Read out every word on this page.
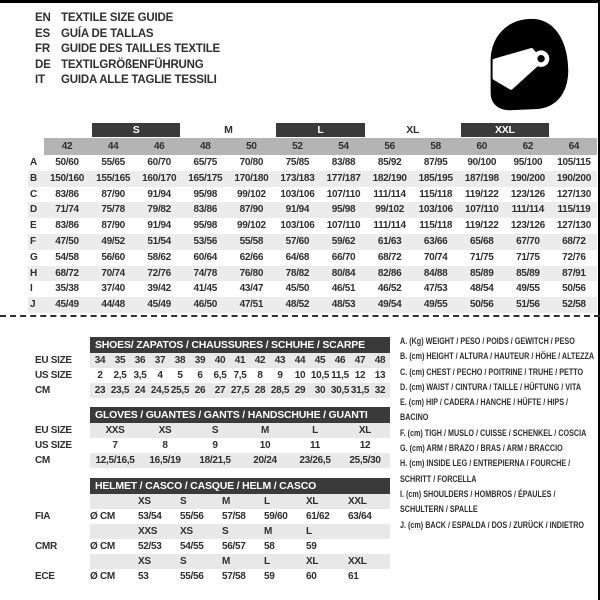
EN TEXTILE SIZE GUIDE
ES GUÍA DE TALLAS
FR GUIDE DES TAILLES TEXTILE
DE TEXTILGRÖßENFÜHRUNG
IT GUIDA ALLE TAGLIE TESSILI
S	M	L	XL	XXL
42	44	46	48	50	52	54	56	58	60	62	64
A	50/60	55/65	60/70	65/75	70/80	75/85	83/88	85/92	87/95	90/100	95/100	105/115
B	150/160	155/165	160/170	165/175	170/180	173/183	177/187	182/190	185/195	187/198	190/200	190/200
C	83/86	87/90	91/94	95/98	99/102	103/106	107/110	111/114	115/118	119/122	123/126	127/130
D	71/74	75/78	79/82	83/86	87/90	91/94	95/98	99/102	103/106	107/110	111/114	115/119
E	83/86	87/90	91/94	95/98	99/102	103/106	107/110	111/114	115/118	119/122	123/126	127/130
F	47/50	49/52	51/54	53/56	55/58	57/60	59/62	61/63	63/66	65/68	67/70	68/72
G	54/58	56/60	58/62	60/64	62/66	64/68	66/70	68/72	70/74	71/75	71/75	72/76
H	68/72	70/74	72/76	74/78	76/80	78/82	80/84	82/86	84/88	85/89	85/89	87/91
I	35/38	37/40	39/42	41/45	43/47	45/50	46/51	46/52	47/53	48/54	49/55	50/56
J	45/49	44/48	45/49	46/50	47/51	48/52	48/53	49/54	49/55	50/56	51/56	52/58
SHOES/ ZAPATOS / CHAUSSURES / SCHUHE / SCARPE
EU SIZE	34 35 36 37 38 39 40 41 42 43 44 45 46 47 48
US SIZE	2	2,5 3,5	4	5	6	6,5 7,5	8	9	10 10,5 11,5 12 13
CM	23 23,5 24 24,5 25,5 26 27 27,5 28 28,5 29 30 30,5 31,5 32
GLOVES / GUANTES / GANTS / HANDSCHUHE / GUANTI
EU SIZE	XXS	XS	S	M	L	XL
US SIZE	7	8	9	10	11	12
CM	12,5/16,5	16,5/19	18/21,5	20/24	23/26,5	25,5/30
HELMET / CASCO / CASQUE / HELM / CASCO
XS	S	M	L	XL	XXL
FIA	Ø CM	53/54	55/56	57/58	59/60	61/62	63/64
XXS	XS	S	M	L
CMR	Ø CM	52/53	54/55	56/57	58	59
XS	S	M	L	XL	XXL
ECE	Ø CM	53	55/56	57/58	59	60	61
A. (Kg) WEIGHT / PESO / POIDS / GEWITCH / PESO
B. (cm) HEIGHT / ALTURA / HAUTEUR / HÖHE / ALTEZZA
C. (cm) CHEST / PECHO / POITRINE / TRUHE / PETTO
D. (cm) WAIST / CINTURA / TAILLE / HÜFTUNG / VITA
E. (cm) HIP / CADERA / HANCHE / HÜFTE / HIPS / BACINO
F. (cm) TIGH / MUSLO / CUISSE / SCHENKEL / COSCIA
G. (cm) ARM / BRAZO / BRAS / ARM / BRACCIO
H. (cm) INSIDE LEG / ENTREPIERNA / FOURCHE / SCHRITT / FORCELLA
I. (cm) SHOULDERS / HOMBROS / ÉPAULES / SCHULTERN / SPALLE
J. (cm) BACK / ESPALDA / DOS / ZURÜCK / INDIETRO
